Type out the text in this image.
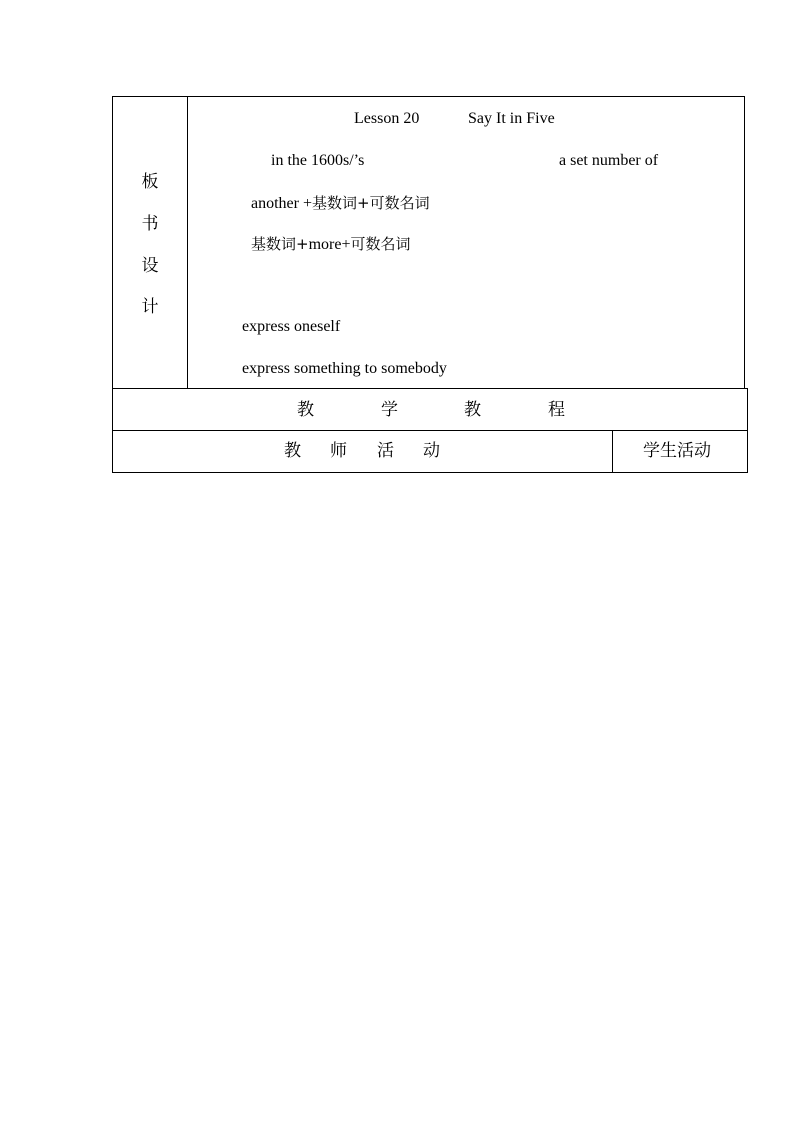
板
书
设
计
Lesson 20	Say It in Five
in the 1600s/’s	a set number of
another +基数词+可数名词
基数词+more+可数名词
express oneself
express something to somebody
教	学	教	程
教 师 活 动	学生活动
